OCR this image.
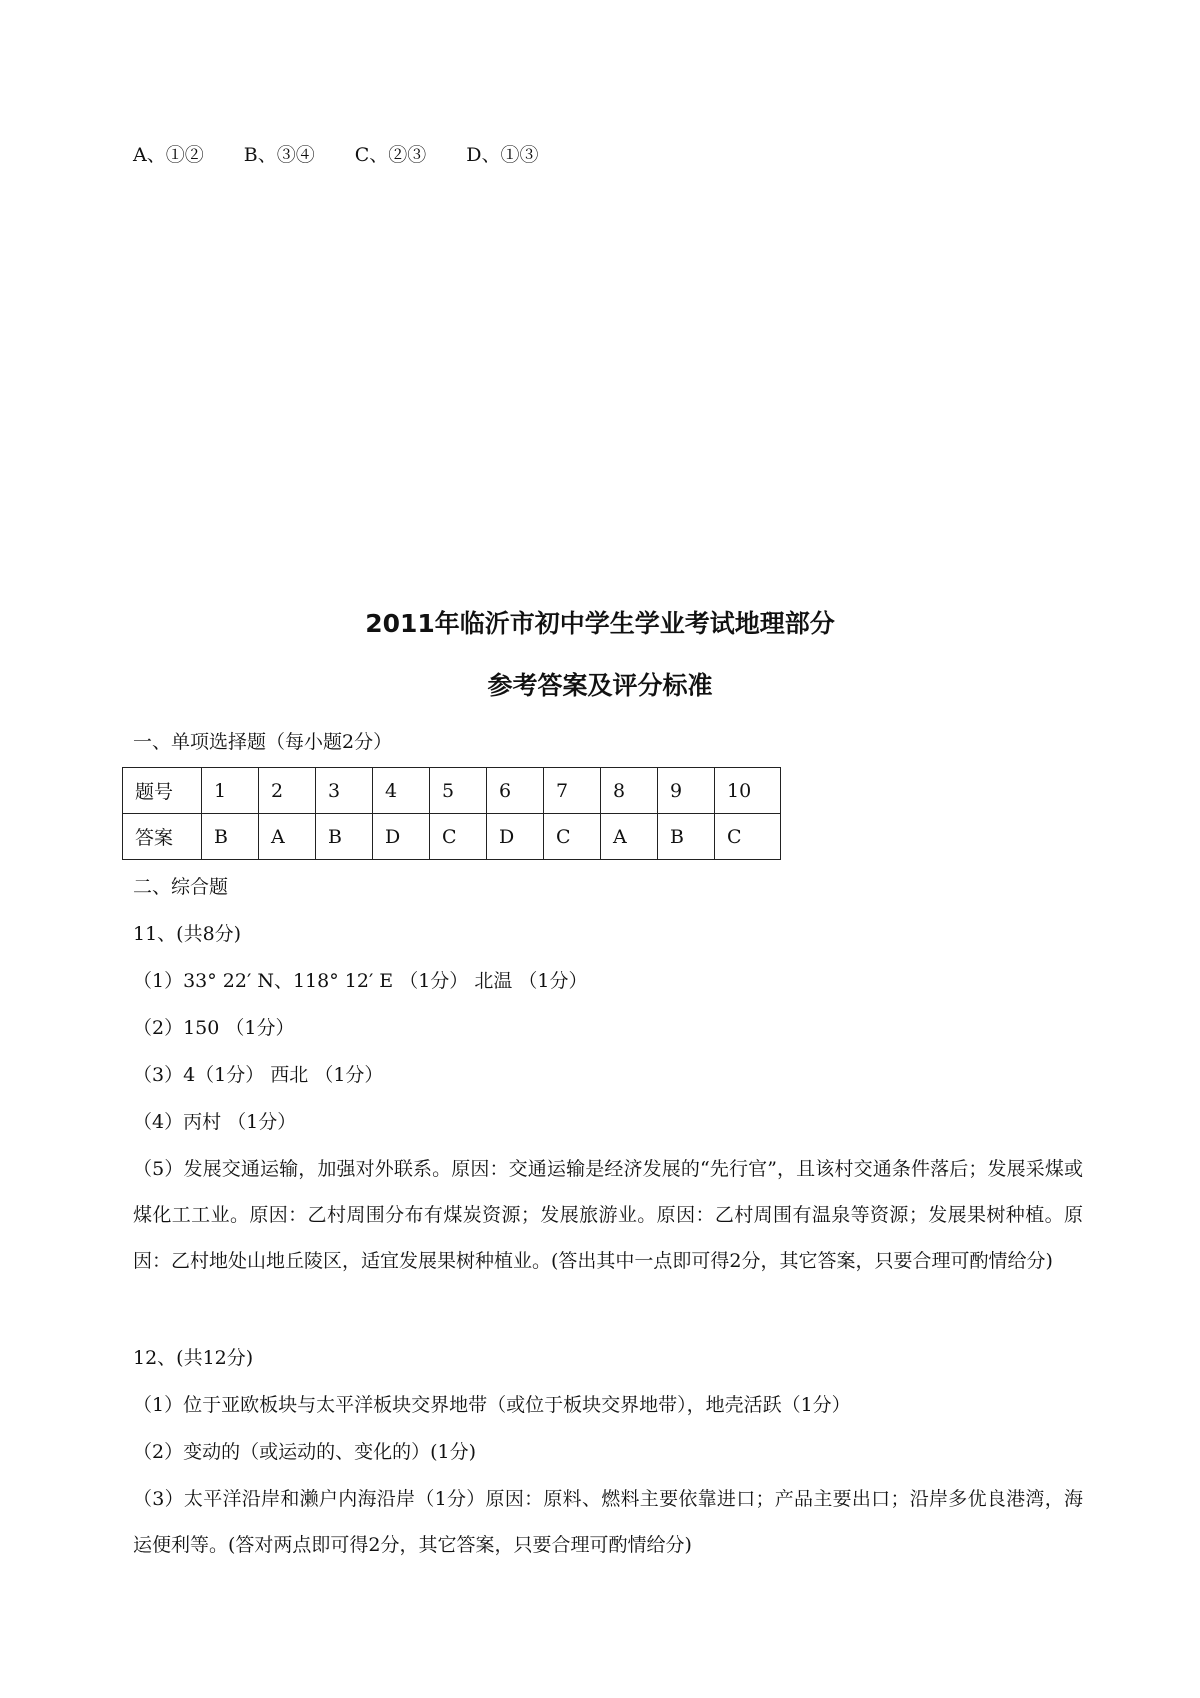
A、①② B、③④ C、②③ D、①③
2011年临沂市初中学生学业考试地理部分
参考答案及评分标准
一、单项选择题（每小题2分）
题号	1	2	3	4	5	6	7	8	9	10
答案	B	A	B	D	C	D	C	A	B	C
二、综合题
11、(共8分)
（1）33° 22′ N、118° 12′ E （1分） 北温 （1分）
（2）150 （1分）
（3）4（1分） 西北 （1分）
（4）丙村 （1分）
（5）发展交通运输，加强对外联系。原因：交通运输是经济发展的“先行官”，且该村交通条件落后；发展采煤或煤化工工业。原因：乙村周围分布有煤炭资源；发展旅游业。原因：乙村周围有温泉等资源；发展果树种植。原因：乙村地处山地丘陵区，适宜发展果树种植业。(答出其中一点即可得2分，其它答案，只要合理可酌情给分)
12、(共12分)
（1）位于亚欧板块与太平洋板块交界地带（或位于板块交界地带），地壳活跃（1分）
（2）变动的（或运动的、变化的）(1分)
（3）太平洋沿岸和濑户内海沿岸（1分）原因：原料、燃料主要依靠进口；产品主要出口；沿岸多优良港湾，海运便利等。(答对两点即可得2分，其它答案，只要合理可酌情给分)
